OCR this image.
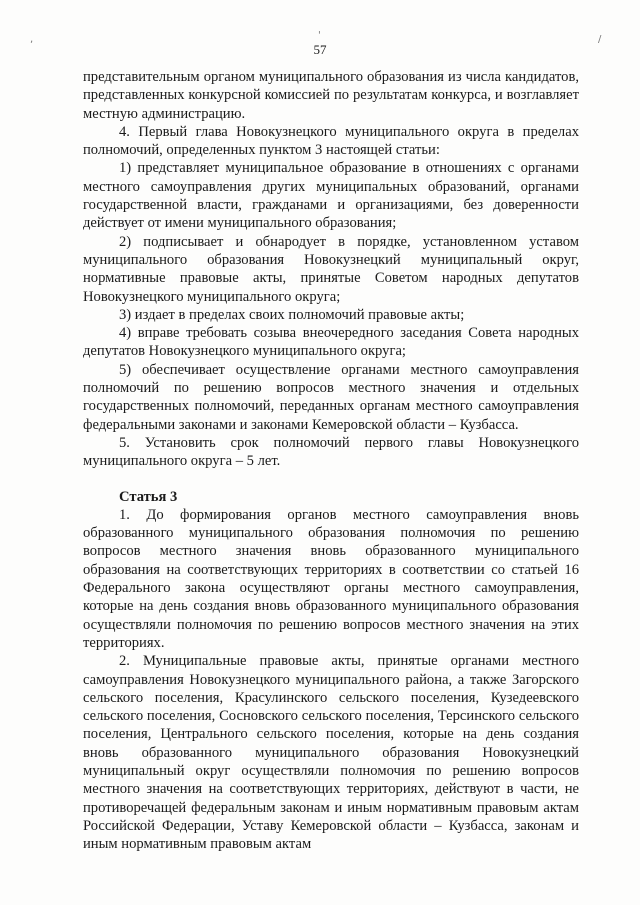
,	'	/
57

представительным органом муниципального образования из числа кандидатов, представленных конкурсной комиссией по результатам конкурса, и возглавляет местную администрацию.

4. Первый глава Новокузнецкого муниципального округа в пределах полномочий, определенных пунктом 3 настоящей статьи:

1) представляет муниципальное образование в отношениях с органами местного самоуправления других муниципальных образований, органами государственной власти, гражданами и организациями, без доверенности действует от имени муниципального образования;

2) подписывает и обнародует в порядке, установленном уставом муниципального образования Новокузнецкий муниципальный округ, нормативные правовые акты, принятые Советом народных депутатов Новокузнецкого муниципального округа;

3) издает в пределах своих полномочий правовые акты;

4) вправе требовать созыва внеочередного заседания Совета народных депутатов Новокузнецкого муниципального округа;

5) обеспечивает осуществление органами местного самоуправления полномочий по решению вопросов местного значения и отдельных государственных полномочий, переданных органам местного самоуправления федеральными законами и законами Кемеровской области – Кузбасса.

5. Установить срок полномочий первого главы Новокузнецкого муниципального округа – 5 лет.

Статья 3

1. До формирования органов местного самоуправления вновь образованного муниципального образования полномочия по решению вопросов местного значения вновь образованного муниципального образования на соответствующих территориях в соответствии со статьей 16 Федерального закона осуществляют органы местного самоуправления, которые на день создания вновь образованного муниципального образования осуществляли полномочия по решению вопросов местного значения на этих территориях.

2. Муниципальные правовые акты, принятые органами местного самоуправления Новокузнецкого муниципального района, а также Загорского сельского поселения, Красулинского сельского поселения, Кузедеевского сельского поселения, Сосновского сельского поселения, Терсинского сельского поселения, Центрального сельского поселения, которые на день создания вновь образованного муниципального образования Новокузнецкий муниципальный округ осуществляли полномочия по решению вопросов местного значения на соответствующих территориях, действуют в части, не противоречащей федеральным законам и иным нормативным правовым актам Российской Федерации, Уставу Кемеровской области – Кузбасса, законам и иным нормативным правовым актам
